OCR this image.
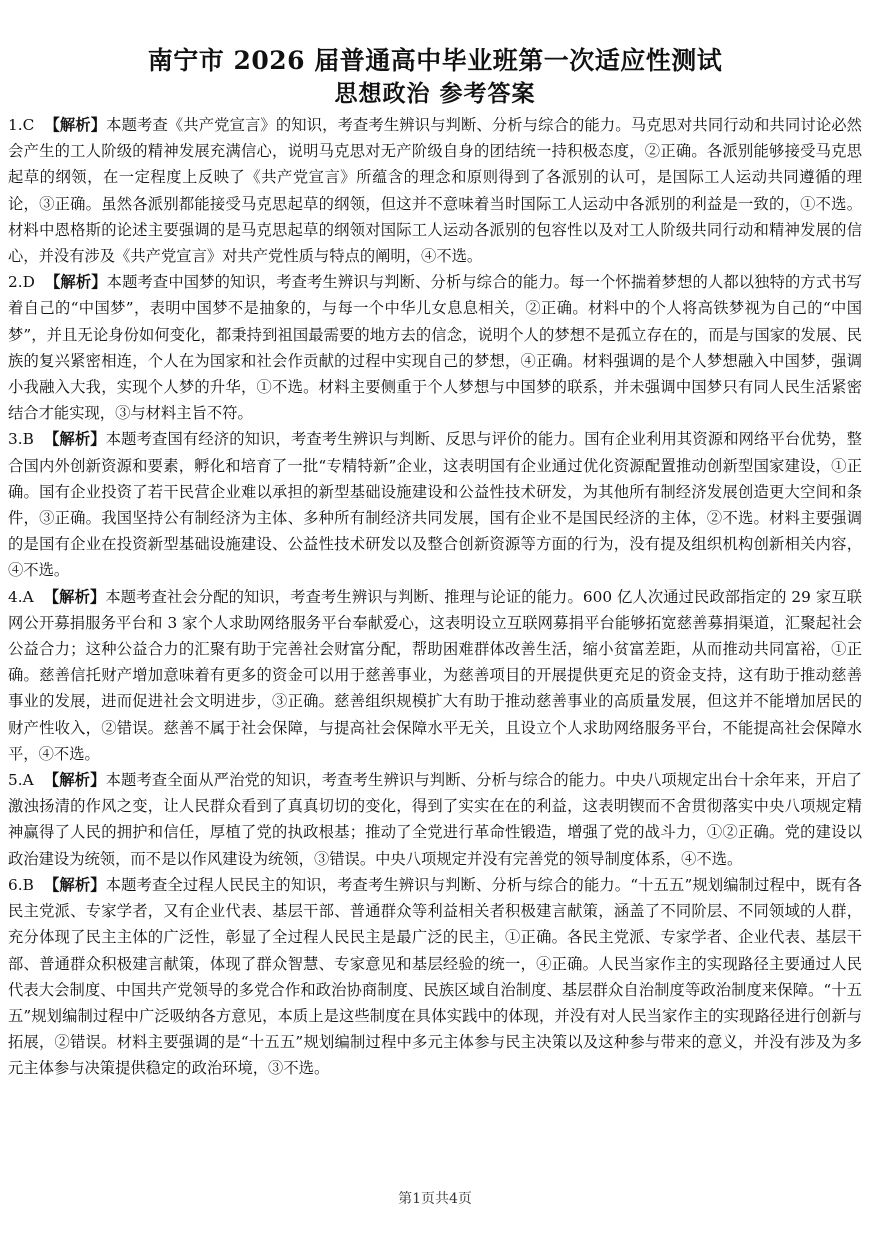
南宁市 2026 届普通高中毕业班第一次适应性测试
思想政治 参考答案

1.C 【解析】本题考查《共产党宣言》的知识，考查考生辨识与判断、分析与综合的能力。马克思对共同行动和共同讨论必然会产生的工人阶级的精神发展充满信心，说明马克思对无产阶级自身的团结统一持积极态度，②正确。各派别能够接受马克思起草的纲领，在一定程度上反映了《共产党宣言》所蕴含的理念和原则得到了各派别的认可，是国际工人运动共同遵循的理论，③正确。虽然各派别都能接受马克思起草的纲领，但这并不意味着当时国际工人运动中各派别的利益是一致的，①不选。材料中恩格斯的论述主要强调的是马克思起草的纲领对国际工人运动各派别的包容性以及对工人阶级共同行动和精神发展的信心，并没有涉及《共产党宣言》对共产党性质与特点的阐明，④不选。

2.D 【解析】本题考查中国梦的知识，考查考生辨识与判断、分析与综合的能力。每一个怀揣着梦想的人都以独特的方式书写着自己的“中国梦”，表明中国梦不是抽象的，与每一个中华儿女息息相关，②正确。材料中的个人将高铁梦视为自己的“中国梦”，并且无论身份如何变化，都秉持到祖国最需要的地方去的信念，说明个人的梦想不是孤立存在的，而是与国家的发展、民族的复兴紧密相连，个人在为国家和社会作贡献的过程中实现自己的梦想，④正确。材料强调的是个人梦想融入中国梦，强调小我融入大我，实现个人梦的升华，①不选。材料主要侧重于个人梦想与中国梦的联系，并未强调中国梦只有同人民生活紧密结合才能实现，③与材料主旨不符。

3.B 【解析】本题考查国有经济的知识，考查考生辨识与判断、反思与评价的能力。国有企业利用其资源和网络平台优势，整合国内外创新资源和要素，孵化和培育了一批“专精特新”企业，这表明国有企业通过优化资源配置推动创新型国家建设，①正确。国有企业投资了若干民营企业难以承担的新型基础设施建设和公益性技术研发，为其他所有制经济发展创造更大空间和条件，③正确。我国坚持公有制经济为主体、多种所有制经济共同发展，国有企业不是国民经济的主体，②不选。材料主要强调的是国有企业在投资新型基础设施建设、公益性技术研发以及整合创新资源等方面的行为，没有提及组织机构创新相关内容，④不选。

4.A 【解析】本题考查社会分配的知识，考查考生辨识与判断、推理与论证的能力。600 亿人次通过民政部指定的 29 家互联网公开募捐服务平台和 3 家个人求助网络服务平台奉献爱心，这表明设立互联网募捐平台能够拓宽慈善募捐渠道，汇聚起社会公益合力；这种公益合力的汇聚有助于完善社会财富分配，帮助困难群体改善生活，缩小贫富差距，从而推动共同富裕，①正确。慈善信托财产增加意味着有更多的资金可以用于慈善事业，为慈善项目的开展提供更充足的资金支持，这有助于推动慈善事业的发展，进而促进社会文明进步，③正确。慈善组织规模扩大有助于推动慈善事业的高质量发展，但这并不能增加居民的财产性收入，②错误。慈善不属于社会保障，与提高社会保障水平无关，且设立个人求助网络服务平台，不能提高社会保障水平，④不选。

5.A 【解析】本题考查全面从严治党的知识，考查考生辨识与判断、分析与综合的能力。中央八项规定出台十余年来，开启了激浊扬清的作风之变，让人民群众看到了真真切切的变化，得到了实实在在的利益，这表明锲而不舍贯彻落实中央八项规定精神赢得了人民的拥护和信任，厚植了党的执政根基；推动了全党进行革命性锻造，增强了党的战斗力，①②正确。党的建设以政治建设为统领，而不是以作风建设为统领，③错误。中央八项规定并没有完善党的领导制度体系，④不选。

6.B 【解析】本题考查全过程人民民主的知识，考查考生辨识与判断、分析与综合的能力。“十五五”规划编制过程中，既有各民主党派、专家学者，又有企业代表、基层干部、普通群众等利益相关者积极建言献策，涵盖了不同阶层、不同领域的人群，充分体现了民主主体的广泛性，彰显了全过程人民民主是最广泛的民主，①正确。各民主党派、专家学者、企业代表、基层干部、普通群众积极建言献策，体现了群众智慧、专家意见和基层经验的统一，④正确。人民当家作主的实现路径主要通过人民代表大会制度、中国共产党领导的多党合作和政治协商制度、民族区域自治制度、基层群众自治制度等政治制度来保障。“十五五”规划编制过程中广泛吸纳各方意见，本质上是这些制度在具体实践中的体现，并没有对人民当家作主的实现路径进行创新与拓展，②错误。材料主要强调的是“十五五”规划编制过程中多元主体参与民主决策以及这种参与带来的意义，并没有涉及为多元主体参与决策提供稳定的政治环境，③不选。

第1页共4页
